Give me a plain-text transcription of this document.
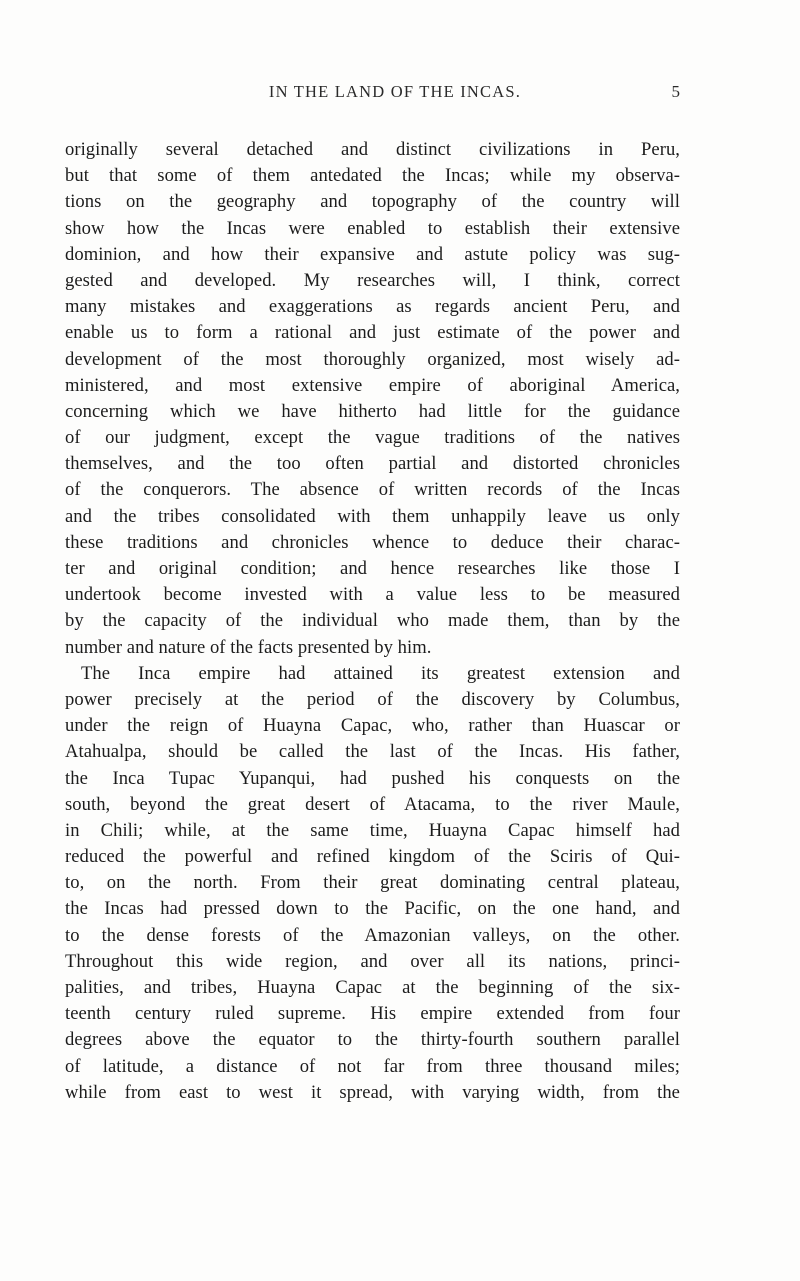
IN THE LAND OF THE INCAS.	5
originally several detached and distinct civilizations in Peru,
but that some of them antedated the Incas; while my observa-
tions on the geography and topography of the country will
show how the Incas were enabled to establish their extensive
dominion, and how their expansive and astute policy was sug-
gested and developed. My researches will, I think, correct
many mistakes and exaggerations as regards ancient Peru, and
enable us to form a rational and just estimate of the power and
development of the most thoroughly organized, most wisely ad-
ministered, and most extensive empire of aboriginal America,
concerning which we have hitherto had little for the guidance
of our judgment, except the vague traditions of the natives
themselves, and the too often partial and distorted chronicles
of the conquerors. The absence of written records of the Incas
and the tribes consolidated with them unhappily leave us only
these traditions and chronicles whence to deduce their charac-
ter and original condition; and hence researches like those I
undertook become invested with a value less to be measured
by the capacity of the individual who made them, than by the
number and nature of the facts presented by him.
The Inca empire had attained its greatest extension and
power precisely at the period of the discovery by Columbus,
under the reign of Huayna Capac, who, rather than Huascar or
Atahualpa, should be called the last of the Incas. His father,
the Inca Tupac Yupanqui, had pushed his conquests on the
south, beyond the great desert of Atacama, to the river Maule,
in Chili; while, at the same time, Huayna Capac himself had
reduced the powerful and refined kingdom of the Sciris of Qui-
to, on the north. From their great dominating central plateau,
the Incas had pressed down to the Pacific, on the one hand, and
to the dense forests of the Amazonian valleys, on the other.
Throughout this wide region, and over all its nations, princi-
palities, and tribes, Huayna Capac at the beginning of the six-
teenth century ruled supreme. His empire extended from four
degrees above the equator to the thirty-fourth southern parallel
of latitude, a distance of not far from three thousand miles;
while from east to west it spread, with varying width, from the
